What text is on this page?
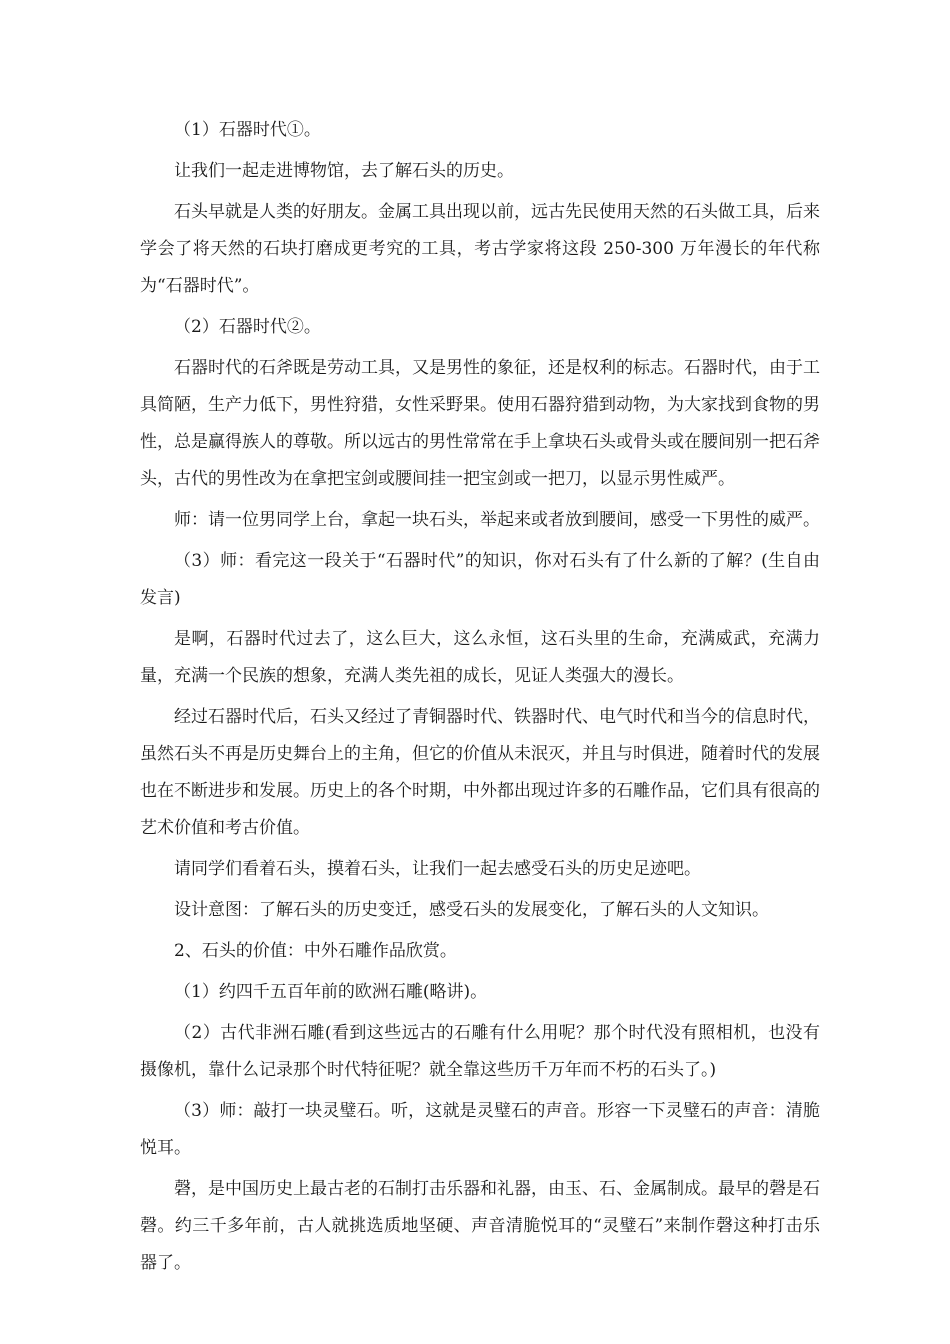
（1）石器时代①。

让我们一起走进博物馆，去了解石头的历史。

石头早就是人类的好朋友。金属工具出现以前，远古先民使用天然的石头做工具，后来学会了将天然的石块打磨成更考究的工具，考古学家将这段 250-300 万年漫长的年代称为“石器时代”。

（2）石器时代②。

石器时代的石斧既是劳动工具，又是男性的象征，还是权利的标志。石器时代，由于工具简陋，生产力低下，男性狩猎，女性采野果。使用石器狩猎到动物，为大家找到食物的男性，总是赢得族人的尊敬。所以远古的男性常常在手上拿块石头或骨头或在腰间别一把石斧头，古代的男性改为在拿把宝剑或腰间挂一把宝剑或一把刀，以显示男性威严。

师：请一位男同学上台，拿起一块石头，举起来或者放到腰间，感受一下男性的威严。

（3）师：看完这一段关于“石器时代”的知识，你对石头有了什么新的了解？(生自由发言)

是啊，石器时代过去了，这么巨大，这么永恒，这石头里的生命，充满威武，充满力量，充满一个民族的想象，充满人类先祖的成长，见证人类强大的漫长。

经过石器时代后，石头又经过了青铜器时代、铁器时代、电气时代和当今的信息时代，虽然石头不再是历史舞台上的主角，但它的价值从未泯灭，并且与时俱进，随着时代的发展也在不断进步和发展。历史上的各个时期，中外都出现过许多的石雕作品，它们具有很高的艺术价值和考古价值。

请同学们看着石头，摸着石头，让我们一起去感受石头的历史足迹吧。

设计意图：了解石头的历史变迁，感受石头的发展变化，了解石头的人文知识。

2、石头的价值：中外石雕作品欣赏。

（1）约四千五百年前的欧洲石雕(略讲)。

（2）古代非洲石雕(看到这些远古的石雕有什么用呢？那个时代没有照相机，也没有摄像机，靠什么记录那个时代特征呢？就全靠这些历千万年而不朽的石头了。)

（3）师：敲打一块灵璧石。听，这就是灵璧石的声音。形容一下灵璧石的声音：清脆悦耳。

磬，是中国历史上最古老的石制打击乐器和礼器，由玉、石、金属制成。最早的磬是石磬。约三千多年前，古人就挑选质地坚硬、声音清脆悦耳的“灵璧石”来制作磬这种打击乐器了。
